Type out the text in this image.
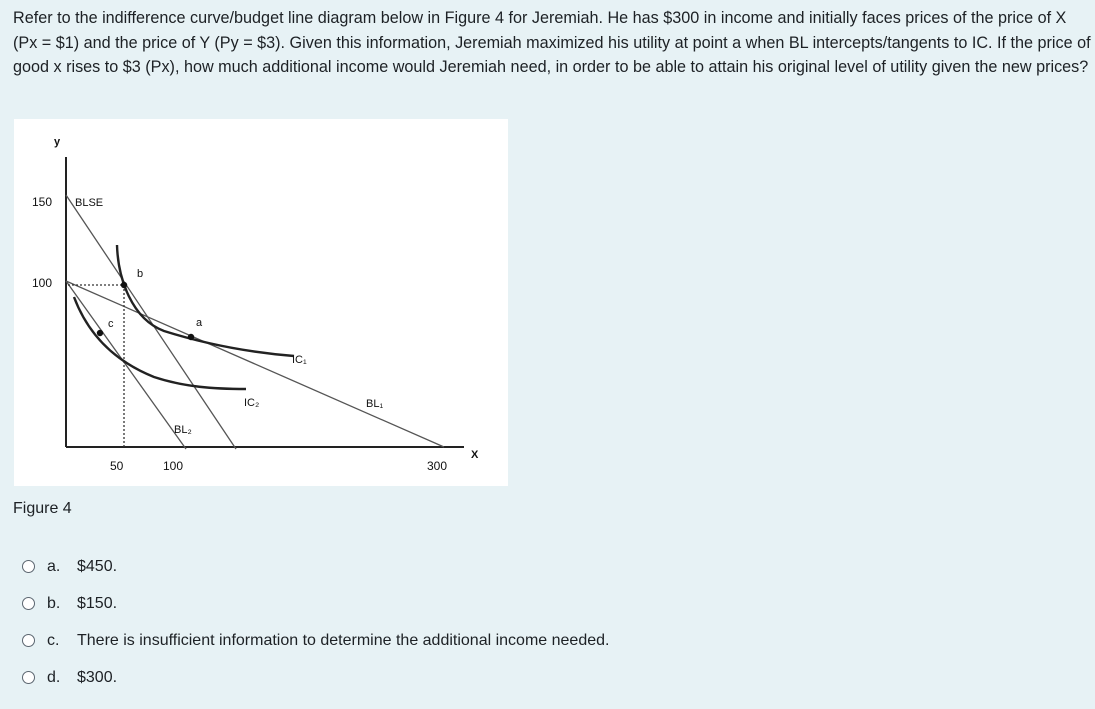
Refer to the indifference curve/budget line diagram below in Figure 4 for Jeremiah. He has $300 in income and initially faces prices of the price of X (Px = $1) and the price of Y (Py = $3). Given this information, Jeremiah maximized his utility at point a when BL intercepts/tangents to IC. If the price of good x rises to $3 (Px), how much additional income would Jeremiah need, in order to be able to attain his original level of utility given the new prices?

y
X
150
100
50	100	300
BLSE
b
c	a
IC₁
IC₂	BL₁
BL₂
Figure 4
a.	$450.
b.	$150.
c.	There is insufficient information to determine the additional income needed.
d.	$300.
